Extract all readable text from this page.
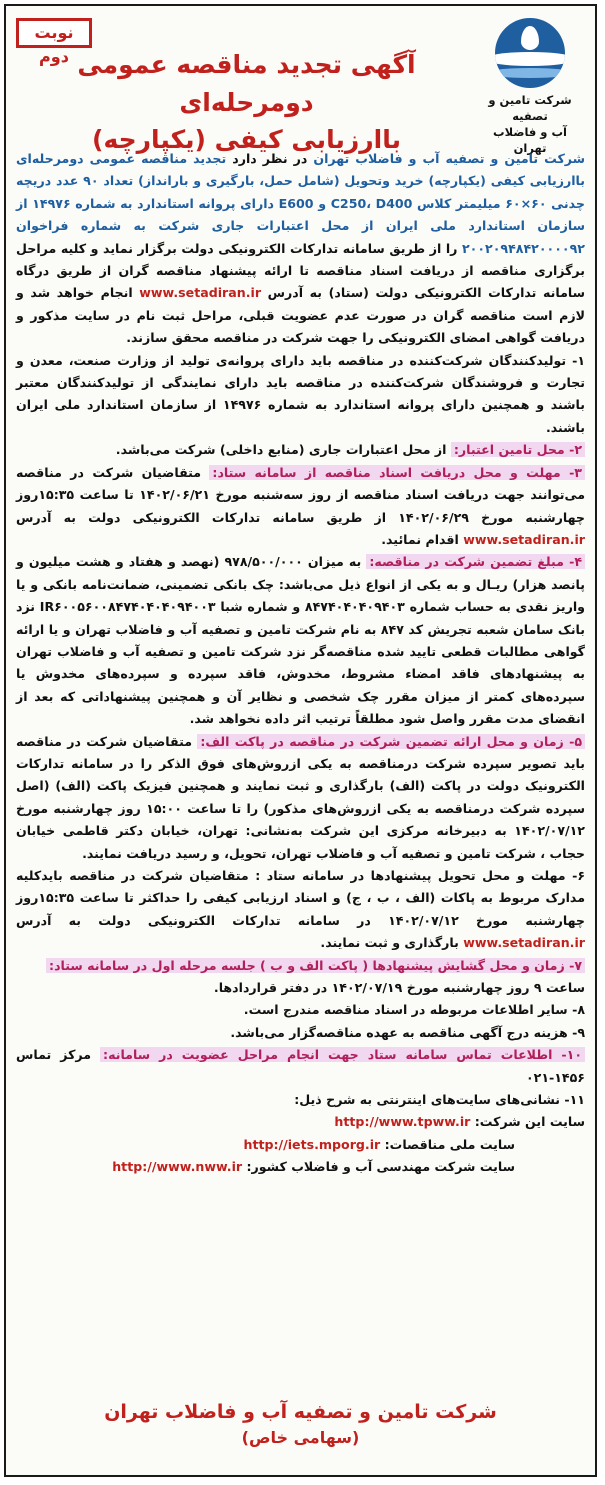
نوبت دوم
شرکت تامین و تصفیه
آب و فاضلاب تهران
آگهی تجدید مناقصه عمومی دومرحله‌ای
باارزیابی کیفی (یکپارچه)

شرکت تامین و تصفیه آب و فاضلاب تهران در نظر دارد تجدید مناقصه عمومی دومرحله‌ای باارزیابی کیفی (یکپارچه) خرید وتحویل (شامل حمل، بارگیری و بارانداز) تعداد ۹۰ عدد دریچه چدنی ۶۰×۶۰ میلیمتر کلاس C250، D400 و E600 دارای پروانه استاندارد به شماره ۱۴۹۷۶ از سازمان استاندارد ملی ایران از محل اعتبارات جاری شرکت به شماره فراخوان ۲۰۰۲۰۹۴۸۴۲۰۰۰۰۹۲ را از طریق سامانه تدارکات الکترونیکی دولت برگزار نماید و کلیه مراحل برگزاری مناقصه از دریافت اسناد مناقصه تا ارائه پیشنهاد مناقصه گران از طریق درگاه سامانه تدارکات الکترونیکی دولت (ستاد) به آدرس www.setadiran.ir انجام خواهد شد و لازم است مناقصه گران در صورت عدم عضویت قبلی، مراحل ثبت نام در سایت مذکور و دریافت گواهی امضای الکترونیکی را جهت شرکت در مناقصه محقق سازند.

۱- تولیدکنندگان شرکت‌کننده در مناقصه باید دارای پروانه‌ی تولید از وزارت صنعت، معدن و تجارت و فروشندگان شرکت‌کننده در مناقصه باید دارای نمایندگی از تولیدکنندگان معتبر باشند و همچنین دارای پروانه استاندارد به شماره ۱۴۹۷۶ از سازمان استاندارد ملی ایران باشند.

۲- محل تامین اعتبار: از محل اعتبارات جاری (منابع داخلی) شرکت می‌باشد.

۳- مهلت و محل دریافت اسناد مناقصه از سامانه ستاد: متقاضیان شرکت در مناقصه می‌توانند جهت دریافت اسناد مناقصه از روز سه‌شنبه مورخ ۱۴۰۲/۰۶/۲۱ تا ساعت ۱۵:۳۵روز چهارشنبه مورخ ۱۴۰۲/۰۶/۲۹ از طریق سامانه تدارکات الکترونیکی دولت به آدرس www.setadiran.ir اقدام نمائید.

۴- مبلغ تضمین شرکت در مناقصه: به میزان ۹۷۸/۵۰۰/۰۰۰ (نهصد و هفتاد و هشت میلیون و پانصد هزار) ریـال و به یکی از انواع ذیل می‌باشد: چک بانکی تضمینی، ضمانت‌نامه بانکی و یا واریز نقدی به حساب شماره ۸۴۷۴۰۴۰۴۰۹۴۰۳ و شماره شبا IR۶۰۰۵۶۰۰۸۴۷۴۰۴۰۴۰۹۴۰۰۳ نزد بانک سامان شعبه تجریش کد ۸۴۷ به نام شرکت تامین و تصفیه آب و فاضلاب تهران و یا ارائه گواهی مطالبات قطعی تایید شده مناقصه‌گر نزد شرکت تامین و تصفیه آب و فاضلاب تهران به پیشنهادهای فاقد امضاء مشروط، مخدوش، فاقد سپرده و سپرده‌های مخدوش یا سپرده‌های کمتر از میزان مقرر چک شخصی و نظایر آن و همچنین پیشنهاداتی که بعد از انقضای مدت مقرر واصل شود مطلقاً ترتیب اثر داده نخواهد شد.

۵- زمان و محل ارائه تضمین شرکت در مناقصه در پاکت الف: متقاضیان شرکت در مناقصه باید تصویر سپرده شرکت درمناقصه به یکی ازروش‌های فوق الذکر را در سامانه تدارکات الکترونیک دولت در پاکت (الف) بارگذاری و ثبت نمایند و همچنین فیزیک پاکت (الف) (اصل سپرده شرکت درمناقصه به یکی ازروش‌های مذکور) را تا ساعت ۱۵:۰۰ روز چهارشنبه مورخ ۱۴۰۲/۰۷/۱۲ به دبیرخانه مرکزی این شرکت به‌نشانی: تهران، خیابان دکتر قاطمی خیابان حجاب ، شرکت تامین و تصفیه آب و فاضلاب تهران، تحویل، و رسید دریافت نمایند.

۶- مهلت و محل تحویل پیشنهادها در سامانه ستاد : متقاضیان شرکت در مناقصه بایدکلیه مدارک مربوط به پاکات (الف ، ب ، ج) و اسناد ارزیابی کیفی را حداکثر تا ساعت ۱۵:۳۵روز چهارشنبه مورخ ۱۴۰۲/۰۷/۱۲ در سامانه تدارکات الکترونیکی دولت به آدرس www.setadiran.ir بارگذاری و ثبت نمایند.

۷- زمان و محل گشایش پیشنهادها ( پاکت الف و ب ) جلسه مرحله اول در سامانه ستاد:

ساعت ۹ روز چهارشنبه مورخ ۱۴۰۲/۰۷/۱۹ در دفتر قراردادها.

۸- سایر اطلاعات مربوطه در اسناد مناقصه مندرج است.

۹- هزینه درج آگهی مناقصه به عهده مناقصه‌گزار می‌باشد.

۱۰- اطلاعات تماس سامانه ستاد جهت انجام مراحل عضویت در سامانه: مرکز تماس ۱۴۵۶-۰۲۱

۱۱- نشانی‌های سایت‌های اینترنتی به شرح ذیل:

سایت این شرکت: http://www.tpww.ir

سایت ملی مناقصات: http://iets.mporg.ir

سایت شرکت مهندسی آب و فاضلاب کشور: http://www.nww.ir

شرکت تامین و تصفیه آب و فاضلاب تهران
(سهامی خاص)
